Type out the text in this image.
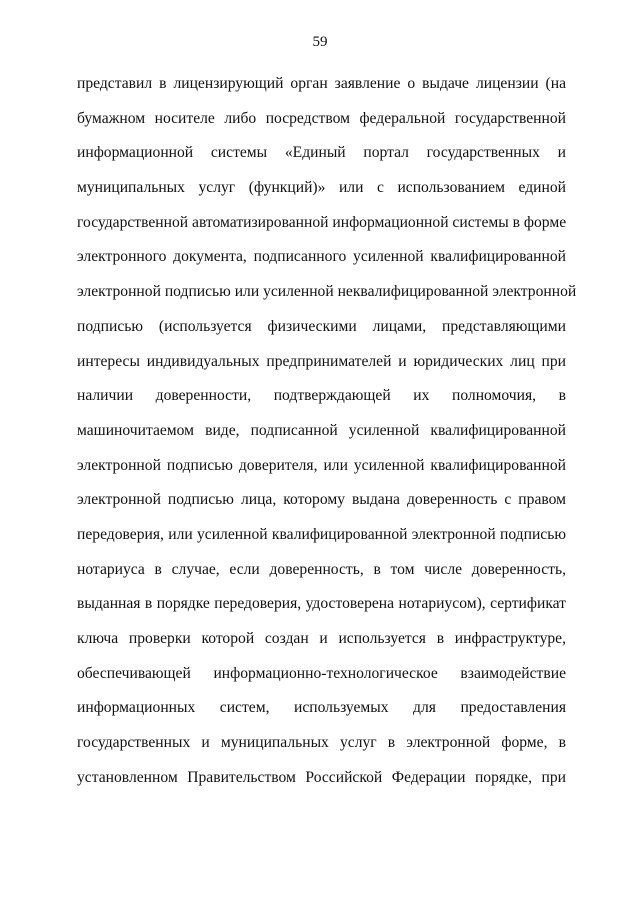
59
представил в лицензирующий орган заявление о выдаче лицензии (на
бумажном носителе либо посредством федеральной государственной
информационной системы «Единый портал государственных и
муниципальных услуг (функций)» или с использованием единой
государственной автоматизированной информационной системы в форме
электронного документа, подписанного усиленной квалифицированной
электронной подписью или усиленной неквалифицированной электронной
подписью (используется физическими лицами, представляющими
интересы индивидуальных предпринимателей и юридических лиц при
наличии доверенности, подтверждающей их полномочия, в
машиночитаемом виде, подписанной усиленной квалифицированной
электронной подписью доверителя, или усиленной квалифицированной
электронной подписью лица, которому выдана доверенность с правом
передоверия, или усиленной квалифицированной электронной подписью
нотариуса в случае, если доверенность, в том числе доверенность,
выданная в порядке передоверия, удостоверена нотариусом), сертификат
ключа проверки которой создан и используется в инфраструктуре,
обеспечивающей информационно-технологическое взаимодействие
информационных систем, используемых для предоставления
государственных и муниципальных услуг в электронной форме, в
установленном Правительством Российской Федерации порядке, при
